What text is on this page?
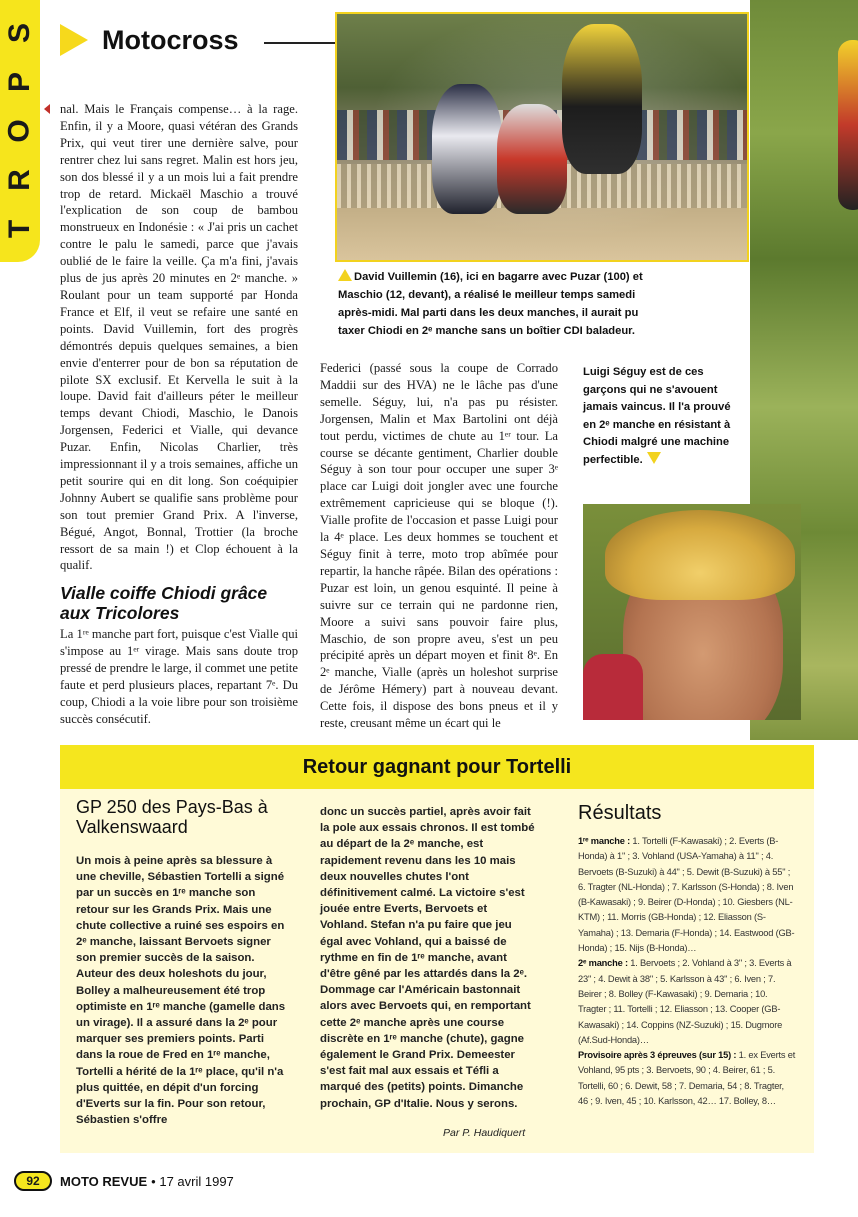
S
P
O
R
T
Motocross
David Vuillemin (16), ici en bagarre avec Puzar (100) et Maschio (12, devant), a réalisé le meilleur temps samedi après-midi. Mal parti dans les deux manches, il aurait pu taxer Chiodi en 2ᵉ manche sans un boîtier CDI baladeur.
nal. Mais le Français compense… à la rage. Enfin, il y a Moore, quasi vétéran des Grands Prix, qui veut tirer une dernière salve, pour rentrer chez lui sans regret. Malin est hors jeu, son dos blessé il y a un mois lui a fait prendre trop de retard. Mickaël Maschio a trouvé l'explication de son coup de bambou monstrueux en Indonésie : « J'ai pris un cachet contre le palu le samedi, parce que j'avais oublié de le faire la veille. Ça m'a fini, j'avais plus de jus après 20 minutes en 2ᵉ manche. » Roulant pour un team supporté par Honda France et Elf, il veut se refaire une santé en points. David Vuillemin, fort des progrès démontrés depuis quelques semaines, a bien envie d'enterrer pour de bon sa réputation de pilote SX exclusif. Et Kervella le suit à la loupe. David fait d'ailleurs péter le meilleur temps devant Chiodi, Maschio, le Danois Jorgensen, Federici et Vialle, qui devance Puzar. Enfin, Nicolas Charlier, très impressionnant il y a trois semaines, affiche un petit sourire qui en dit long. Son coéquipier Johnny Aubert se qualifie sans problème pour son tout premier Grand Prix. A l'inverse, Bégué, Angot, Bonnal, Trottier (la broche ressort de sa main !) et Clop échouent à la qualif.
Vialle coiffe Chiodi grâce aux Tricolores
La 1ʳᵉ manche part fort, puisque c'est Vialle qui s'impose au 1ᵉʳ virage. Mais sans doute trop pressé de prendre le large, il commet une petite faute et perd plusieurs places, repartant 7ᵉ. Du coup, Chiodi a la voie libre pour son troisième succès consécutif.
Federici (passé sous la coupe de Corrado Maddii sur des HVA) ne le lâche pas d'une semelle. Séguy, lui, n'a pas pu résister. Jorgensen, Malin et Max Bartolini ont déjà tout perdu, victimes de chute au 1ᵉʳ tour. La course se décante gentiment, Charlier double Séguy à son tour pour occuper une super 3ᵉ place car Luigi doit jongler avec une fourche extrêmement capricieuse qui se bloque (!). Vialle profite de l'occasion et passe Luigi pour la 4ᵉ place. Les deux hommes se touchent et Séguy finit à terre, moto trop abîmée pour repartir, la hanche râpée. Bilan des opérations : Puzar est loin, un genou esquinté. Il peine à suivre sur ce terrain qui ne pardonne rien, Moore a suivi sans pouvoir faire plus, Maschio, de son propre aveu, s'est un peu précipité après un départ moyen et finit 8ᵉ. En 2ᵉ manche, Vialle (après un holeshot surprise de Jérôme Hémery) part à nouveau devant. Cette fois, il dispose des bons pneus et il y reste, creusant même un écart qui le
Luigi Séguy est de ces garçons qui ne s'avouent jamais vaincus. Il l'a prouvé en 2ᵉ manche en résistant à Chiodi malgré une machine perfectible.
Retour gagnant pour Tortelli
GP 250 des Pays-Bas à Valkenswaard
Un mois à peine après sa blessure à une cheville, Sébastien Tortelli a signé par un succès en 1ʳᵉ manche son retour sur les Grands Prix. Mais une chute collective a ruiné ses espoirs en 2ᵉ manche, laissant Bervoets signer son premier succès de la saison. Auteur des deux holeshots du jour, Bolley a malheureusement été trop optimiste en 1ʳᵉ manche (gamelle dans un virage). Il a assuré dans la 2ᵉ pour marquer ses premiers points. Parti dans la roue de Fred en 1ʳᵉ manche, Tortelli a hérité de la 1ʳᵉ place, qu'il n'a plus quittée, en dépit d'un forcing d'Everts sur la fin. Pour son retour, Sébastien s'offre
donc un succès partiel, après avoir fait la pole aux essais chronos. Il est tombé au départ de la 2ᵉ manche, est rapidement revenu dans les 10 mais deux nouvelles chutes l'ont définitivement calmé. La victoire s'est jouée entre Everts, Bervoets et Vohland. Stefan n'a pu faire que jeu égal avec Vohland, qui a baissé de rythme en fin de 1ʳᵉ manche, avant d'être gêné par les attardés dans la 2ᵉ. Dommage car l'Américain bastonnait alors avec Bervoets qui, en remportant cette 2ᵉ manche après une course discrète en 1ʳᵉ manche (chute), gagne également le Grand Prix. Demeester s'est fait mal aux essais et Téfli a marqué des (petits) points. Dimanche prochain, GP d'Italie. Nous y serons.
Par P. Haudiquert
Résultats

1ʳᵉ manche : 1. Tortelli (F-Kawasaki) ; 2. Everts (B-Honda) à 1" ; 3. Vohland (USA-Yamaha) à 11" ; 4. Bervoets (B-Suzuki) à 44" ; 5. Dewit (B-Suzuki) à 55" ; 6. Tragter (NL-Honda) ; 7. Karlsson (S-Honda) ; 8. Iven (B-Kawasaki) ; 9. Beirer (D-Honda) ; 10. Giesbers (NL-KTM) ; 11. Morris (GB-Honda) ; 12. Eliasson (S-Yamaha) ; 13. Demaria (F-Honda) ; 14. Eastwood (GB-Honda) ; 15. Nijs (B-Honda)…

2ᵉ manche : 1. Bervoets ; 2. Vohland à 3" ; 3. Everts à 23" ; 4. Dewit à 38" ; 5. Karlsson à 43" ; 6. Iven ; 7. Beirer ; 8. Bolley (F-Kawasaki) ; 9. Demaria ; 10. Tragter ; 11. Tortelli ; 12. Eliasson ; 13. Cooper (GB-Kawasaki) ; 14. Coppins (NZ-Suzuki) ; 15. Dugmore (Af.Sud-Honda)…

Provisoire après 3 épreuves (sur 15) : 1. ex Everts et Vohland, 95 pts ; 3. Bervoets, 90 ; 4. Beirer, 61 ; 5. Tortelli, 60 ; 6. Dewit, 58 ; 7. Demaria, 54 ; 8. Tragter, 46 ; 9. Iven, 45 ; 10. Karlsson, 42… 17. Bolley, 8…

92	MOTO REVUE • 17 avril 1997
